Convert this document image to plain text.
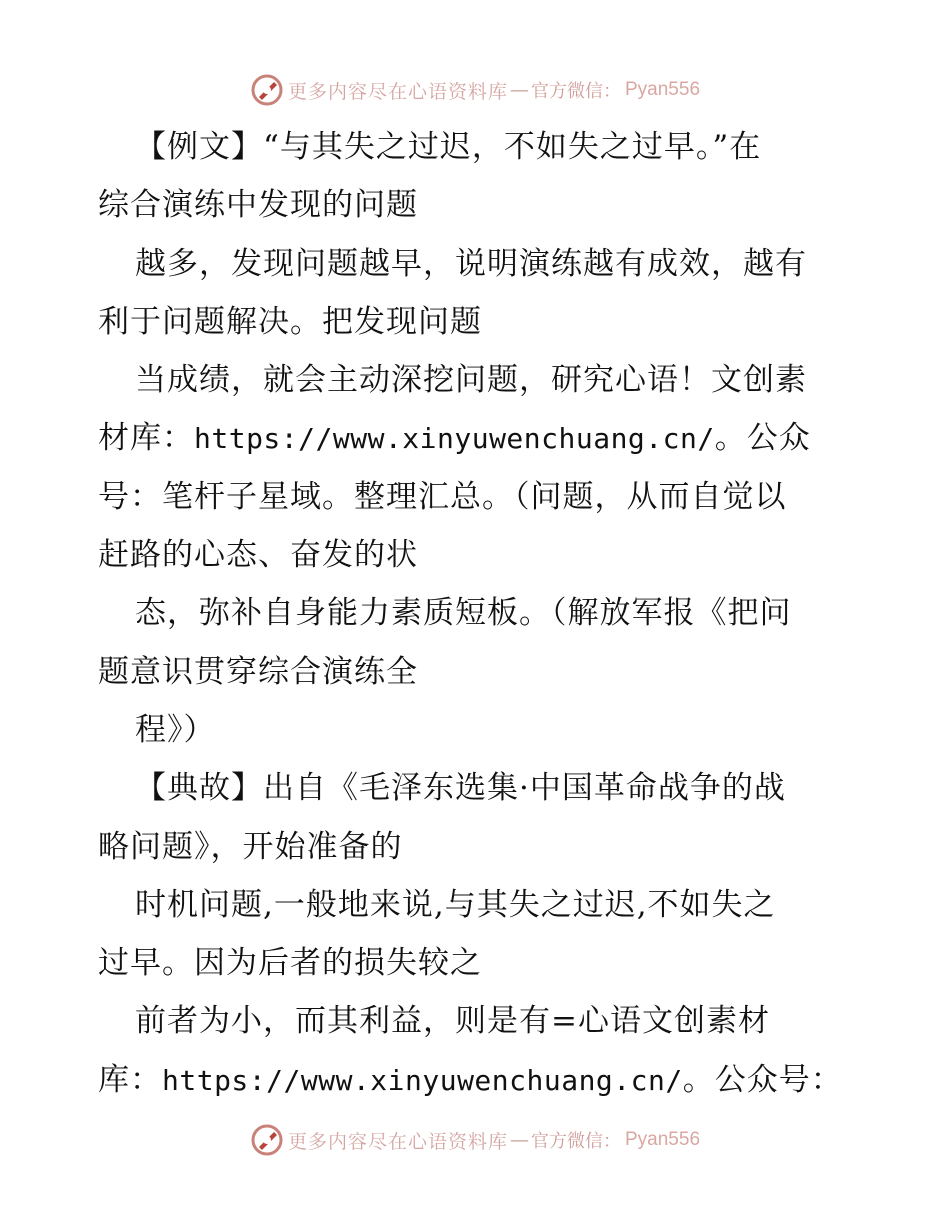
更多内容尽在心语资料库 — 官方微信： Pyan556
【例文】“与其失之过迟，不如失之过早。”在
综合演练中发现的问题
越多，发现问题越早，说明演练越有成效，越有
利于问题解决。把发现问题
当成绩，就会主动深挖问题，研究心语！文创素
材库：https://www.xinyuwenchuang.cn/。公众
号：笔杆子星域。整理汇总。（问题，从而自觉以
赶路的心态、奋发的状
态，弥补自身能力素质短板。（解放军报《把问
题意识贯穿综合演练全
程》）
【典故】出自《毛泽东选集·中国革命战争的战
略问题》，开始准备的
时机问题,一般地来说,与其失之过迟,不如失之
过早。因为后者的损失较之
前者为小，而其利益，则是有=心语文创素材
库：https://www.xinyuwenchuang.cn/。公众号：
更多内容尽在心语资料库 — 官方微信： Pyan556
